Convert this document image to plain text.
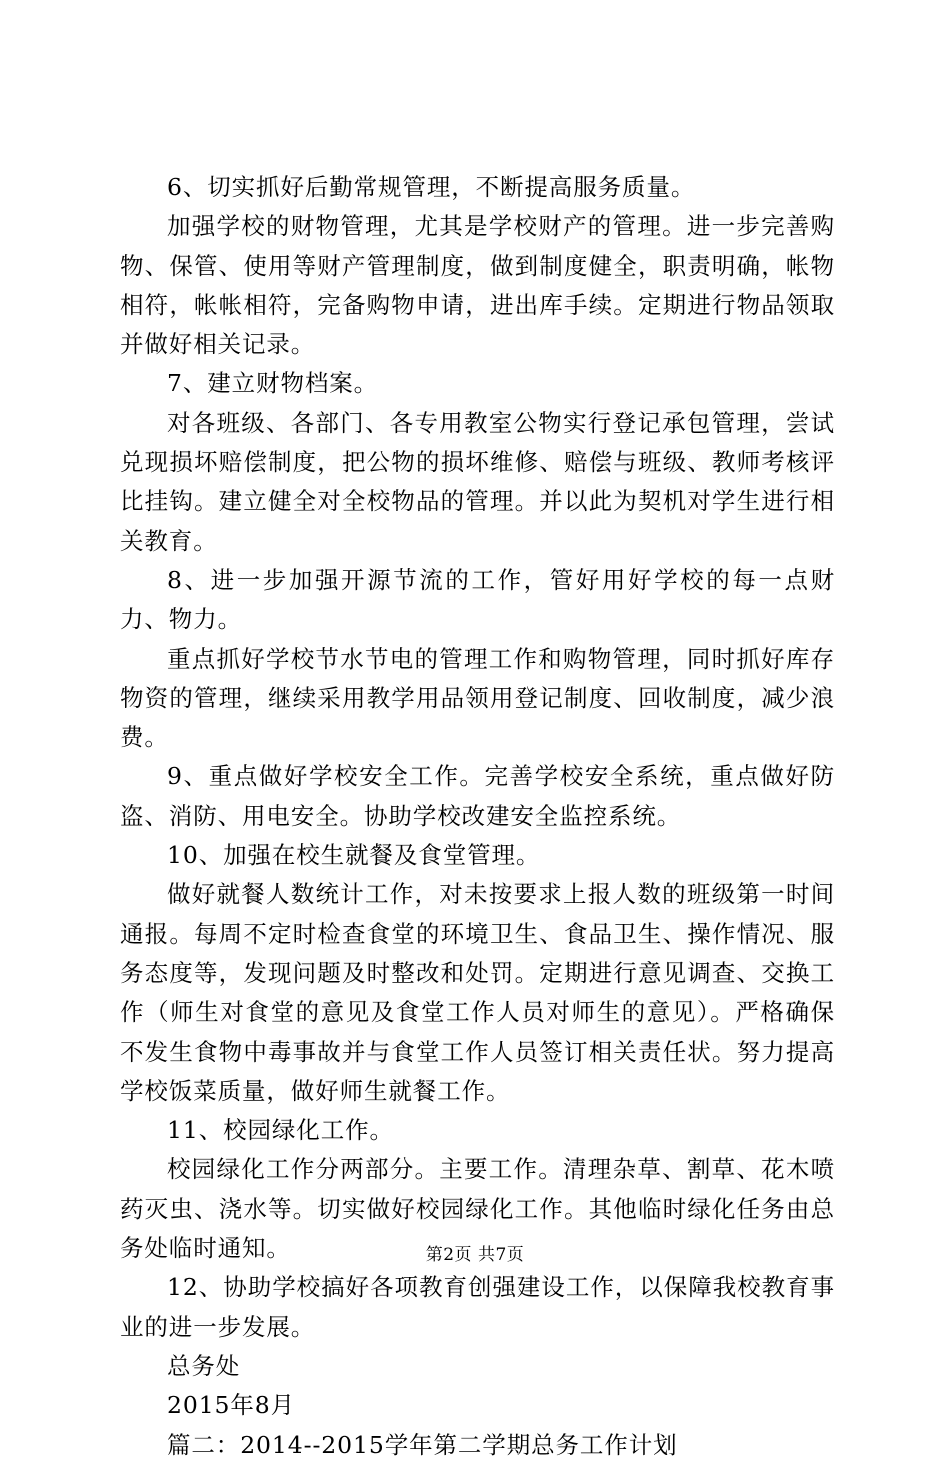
6、切实抓好后勤常规管理，不断提高服务质量。

加强学校的财物管理，尤其是学校财产的管理。进一步完善购物、保管、使用等财产管理制度，做到制度健全，职责明确，帐物相符，帐帐相符，完备购物申请，进出库手续。定期进行物品领取并做好相关记录。

7、建立财物档案。

对各班级、各部门、各专用教室公物实行登记承包管理，尝试兑现损坏赔偿制度，把公物的损坏维修、赔偿与班级、教师考核评比挂钩。建立健全对全校物品的管理。并以此为契机对学生进行相关教育。

8、进一步加强开源节流的工作，管好用好学校的每一点财力、物力。

重点抓好学校节水节电的管理工作和购物管理，同时抓好库存物资的管理，继续采用教学用品领用登记制度、回收制度，减少浪费。

9、重点做好学校安全工作。完善学校安全系统，重点做好防盗、消防、用电安全。协助学校改建安全监控系统。

10、加强在校生就餐及食堂管理。

做好就餐人数统计工作，对未按要求上报人数的班级第一时间通报。每周不定时检查食堂的环境卫生、食品卫生、操作情况、服务态度等，发现问题及时整改和处罚。定期进行意见调查、交换工作（师生对食堂的意见及食堂工作人员对师生的意见）。严格确保不发生食物中毒事故并与食堂工作人员签订相关责任状。努力提高学校饭菜质量，做好师生就餐工作。

11、校园绿化工作。

校园绿化工作分两部分。主要工作。清理杂草、割草、花木喷药灭虫、浇水等。切实做好校园绿化工作。其他临时绿化任务由总务处临时通知。

12、协助学校搞好各项教育创强建设工作，以保障我校教育事业的进一步发展。

总务处

2015年8月

篇二：2014--2015学年第二学期总务工作计划

第2页 共7页
